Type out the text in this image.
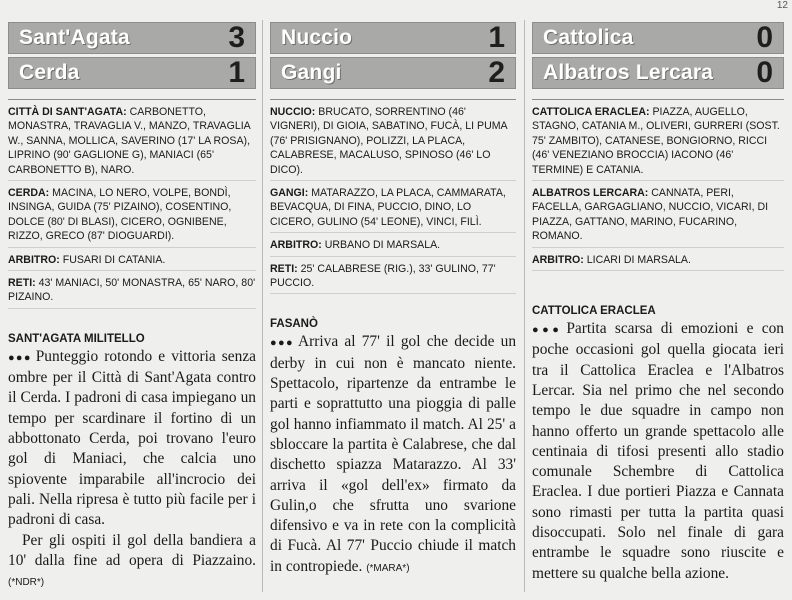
12
Sant'Agata	3
Cerda	1
CITTÀ DI SANT'AGATA: CARBONETTO, MONASTRA, TRAVAGLIA V., MANZO, TRAVAGLIA W., SANNA, MOLLICA, SAVERINO (17' LA ROSA), LIPRINO (90' GAGLIONE G), MANIACI (65' CARBONETTO B), NARO.
CERDA: MACINA, LO NERO, VOLPE, BONDÌ, INSINGA, GUIDA (75' PIZAINO), COSENTINO, DOLCE (80' DI BLASI), CICERO, OGNIBENE, RIZZO, GRECO (87' DIOGUARDI).
ARBITRO: FUSARI DI CATANIA.
RETI: 43' MANIACI, 50' MONASTRA, 65' NARO, 80' PIZAINO.
SANT'AGATA MILITELLO

●●● Punteggio rotondo e vittoria senza ombre per il Città di Sant'Agata contro il Cerda. I padroni di casa impiegano un tempo per scardinare il fortino di un abbottonato Cerda, poi trovano l'euro gol di Maniaci, che calcia uno spiovente imparabile all'incrocio dei pali. Nella ripresa è tutto più facile per i padroni di casa.

Per gli ospiti il gol della bandiera a 10' dalla fine ad opera di Piazzaino. (*NDR*)

Nuccio	1
Gangi	2
NUCCIO: BRUCATO, SORRENTINO (46' VIGNERI), DI GIOIA, SABATINO, FUCÀ, LI PUMA (76' PRISIGNANO), POLIZZI, LA PLACA, CALABRESE, MACALUSO, SPINOSO (46' LO DICO).
GANGI: MATARAZZO, LA PLACA, CAMMARATA, BEVACQUA, DI FINA, PUCCIO, DINO, LO CICERO, GULINO (54' LEONE), VINCI, FILÌ.
ARBITRO: URBANO DI MARSALA.
RETI: 25' CALABRESE (RIG.), 33' GULINO, 77' PUCCIO.
FASANÒ

●●● Arriva al 77' il gol che decide un derby in cui non è mancato niente. Spettacolo, ripartenze da entrambe le parti e soprattutto una pioggia di palle gol hanno infiammato il match. Al 25' a sbloccare la partita è Calabrese, che dal dischetto spiazza Matarazzo. Al 33' arriva il «gol dell'ex» firmato da Gulin,o che sfrutta uno svarione difensivo e va in rete con la complicità di Fucà. Al 77' Puccio chiude il match in contropiede. (*MARA*)

Cattolica	0
Albatros Lercara 0
CATTOLICA ERACLEA: PIAZZA, AUGELLO, STAGNO, CATANIA M., OLIVERI, GURRERI (SOST. 75' ZAMBITO), CATANESE, BONGIORNO, RICCI (46' VENEZIANO BROCCIA) IACONO (46' TERMINE) E CATANIA.
ALBATROS LERCARA: CANNATA, PERI, FACELLA, GARGAGLIANO, NUCCIO, VICARI, DI PIAZZA, GATTANO, MARINO, FUCARINO, ROMANO.
ARBITRO: LICARI DI MARSALA.
CATTOLICA ERACLEA

●●● Partita scarsa di emozioni e con poche occasioni gol quella giocata ieri tra il Cattolica Eraclea e l'Albatros Lercar. Sia nel primo che nel secondo tempo le due squadre in campo non hanno offerto un grande spettacolo alle centinaia di tifosi presenti allo stadio comunale Schembre di Cattolica Eraclea. I due portieri Piazza e Cannata sono rimasti per tutta la partita quasi disoccupati. Solo nel finale di gara entrambe le squadre sono riuscite e mettere su qualche bella azione.
